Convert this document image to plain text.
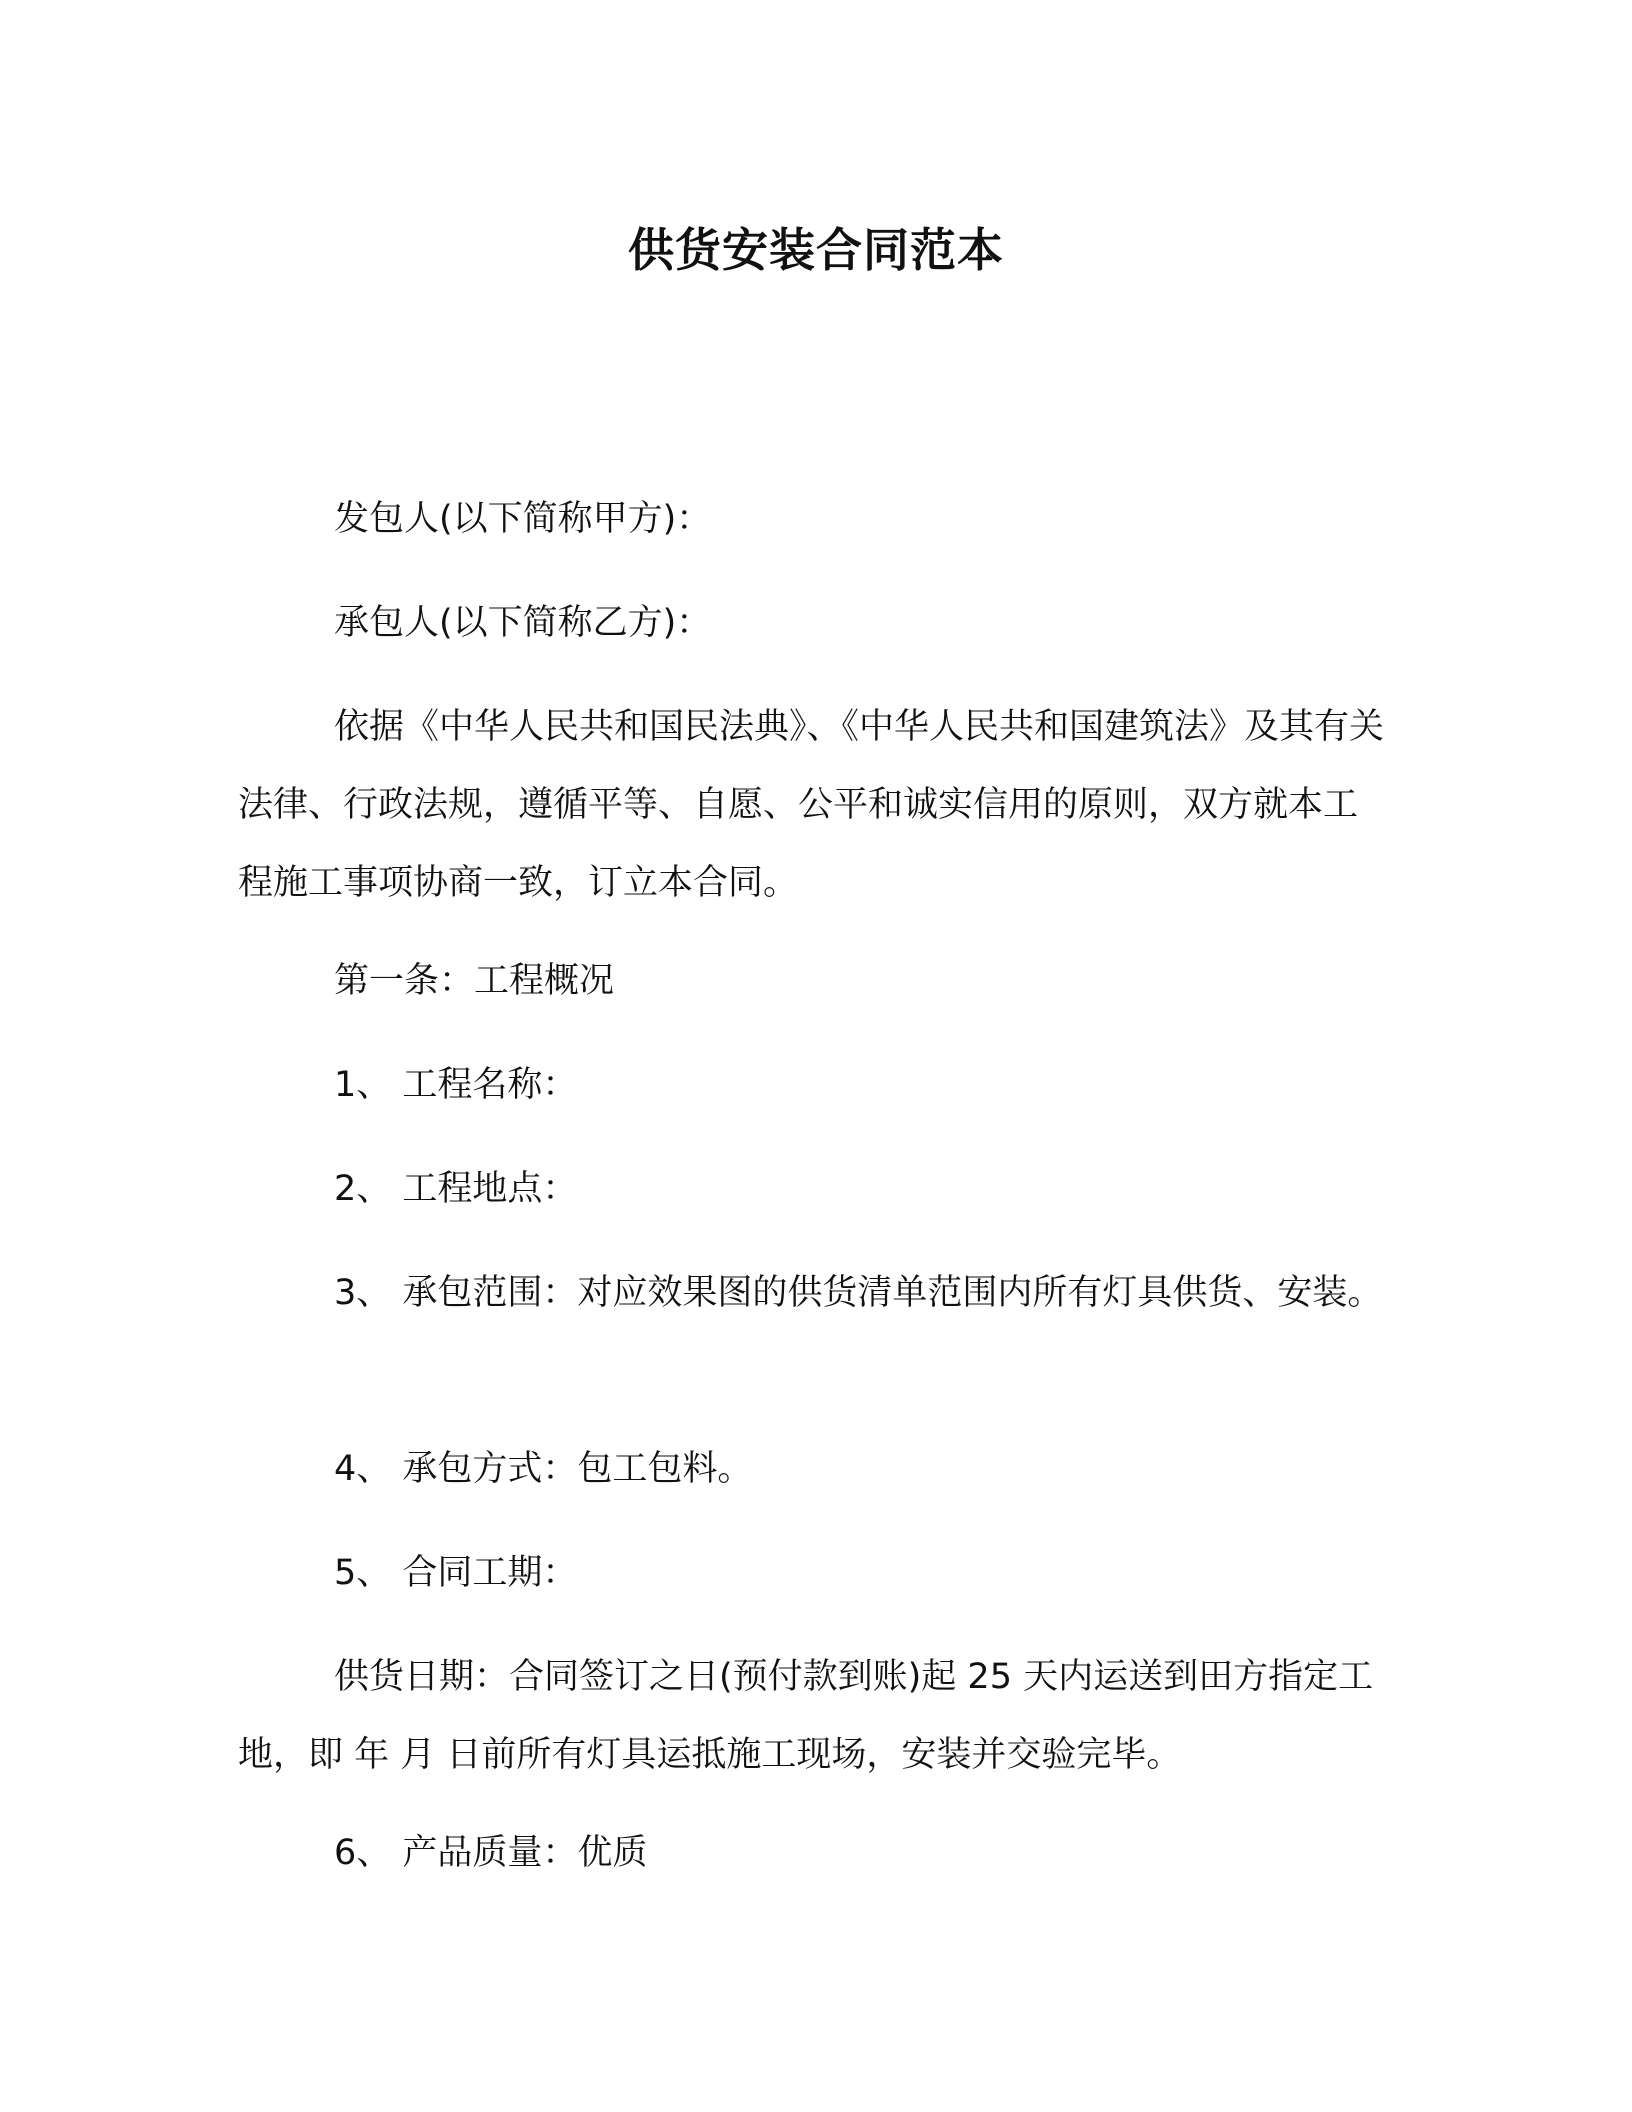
供货安装合同范本
发包人(以下简称甲方)：
承包人(以下简称乙方)：
依据《中华人民共和国民法典》、《中华人民共和国建筑法》及其有关法律、行政法规，遵循平等、自愿、公平和诚实信用的原则，双方就本工程施工事项协商一致，订立本合同。
第一条：工程概况
1、 工程名称：
2、 工程地点：
3、 承包范围：对应效果图的供货清单范围内所有灯具供货、安装。
4、 承包方式：包工包料。
5、 合同工期：
供货日期：合同签订之日(预付款到账)起 25 天内运送到田方指定工地，即 年 月 日前所有灯具运抵施工现场，安装并交验完毕。
6、 产品质量：优质
